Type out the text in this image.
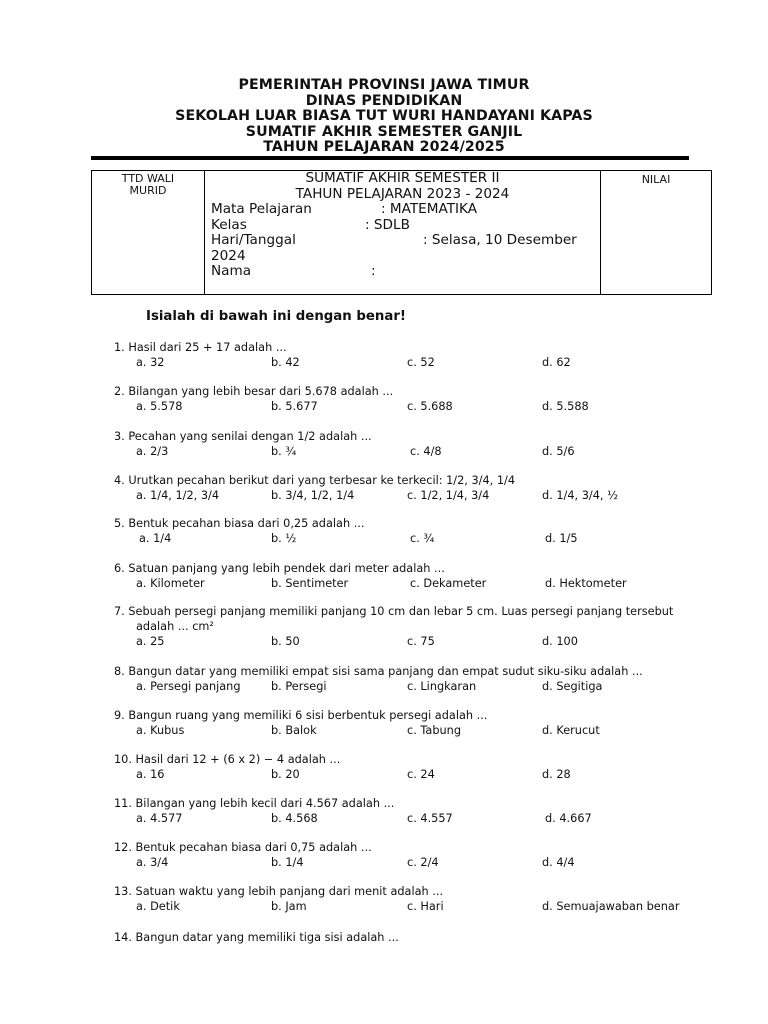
PEMERINTAH PROVINSI JAWA TIMUR
DINAS PENDIDIKAN
SEKOLAH LUAR BIASA TUT WURI HANDAYANI KAPAS
SUMATIF AKHIR SEMESTER GANJIL
TAHUN PELAJARAN 2024/2025
TTD WALI
MURID
SUMATIF AKHIR SEMESTER II
TAHUN PELAJARAN 2023 - 2024
Mata Pelajaran	: MATEMATIKA
Kelas	: SDLB
Hari/Tanggal	: Selasa, 10 Desember
2024
Nama	:
NILAI
Isialah di bawah ini dengan benar!
1. Hasil dari 25 + 17 adalah ...
a. 32	b. 42	c. 52	d. 62
2. Bilangan yang lebih besar dari 5.678 adalah ...
a. 5.578	b. 5.677	c. 5.688	d. 5.588
3. Pecahan yang senilai dengan 1/2 adalah ...
a. 2/3	b. ¾	c. 4/8	d. 5/6
4. Urutkan pecahan berikut dari yang terbesar ke terkecil: 1/2, 3/4, 1/4
a. 1/4, 1/2, 3/4	b. 3/4, 1/2, 1/4	c. 1/2, 1/4, 3/4	d. 1/4, 3/4, ½
5. Bentuk pecahan biasa dari 0,25 adalah ...
a. 1/4	b. ½	c. ¾	d. 1/5
6. Satuan panjang yang lebih pendek dari meter adalah ...
a. Kilometer	b. Sentimeter	c. Dekameter	d. Hektometer
7. Sebuah persegi panjang memiliki panjang 10 cm dan lebar 5 cm. Luas persegi panjang tersebut
adalah ... cm²
a. 25	b. 50	c. 75	d. 100
8. Bangun datar yang memiliki empat sisi sama panjang dan empat sudut siku-siku adalah ...
a. Persegi panjang	b. Persegi	c. Lingkaran	d. Segitiga
9. Bangun ruang yang memiliki 6 sisi berbentuk persegi adalah ...
a. Kubus	b. Balok	c. Tabung	d. Kerucut
10. Hasil dari 12 + (6 x 2) − 4 adalah ...
a. 16	b. 20	c. 24	d. 28
11. Bilangan yang lebih kecil dari 4.567 adalah ...
a. 4.577	b. 4.568	c. 4.557	d. 4.667
12. Bentuk pecahan biasa dari 0,75 adalah ...
a. 3/4	b. 1/4	c. 2/4	d. 4/4
13. Satuan waktu yang lebih panjang dari menit adalah ...
a. Detik	b. Jam	c. Hari	d. Semuajawaban benar
14. Bangun datar yang memiliki tiga sisi adalah ...
